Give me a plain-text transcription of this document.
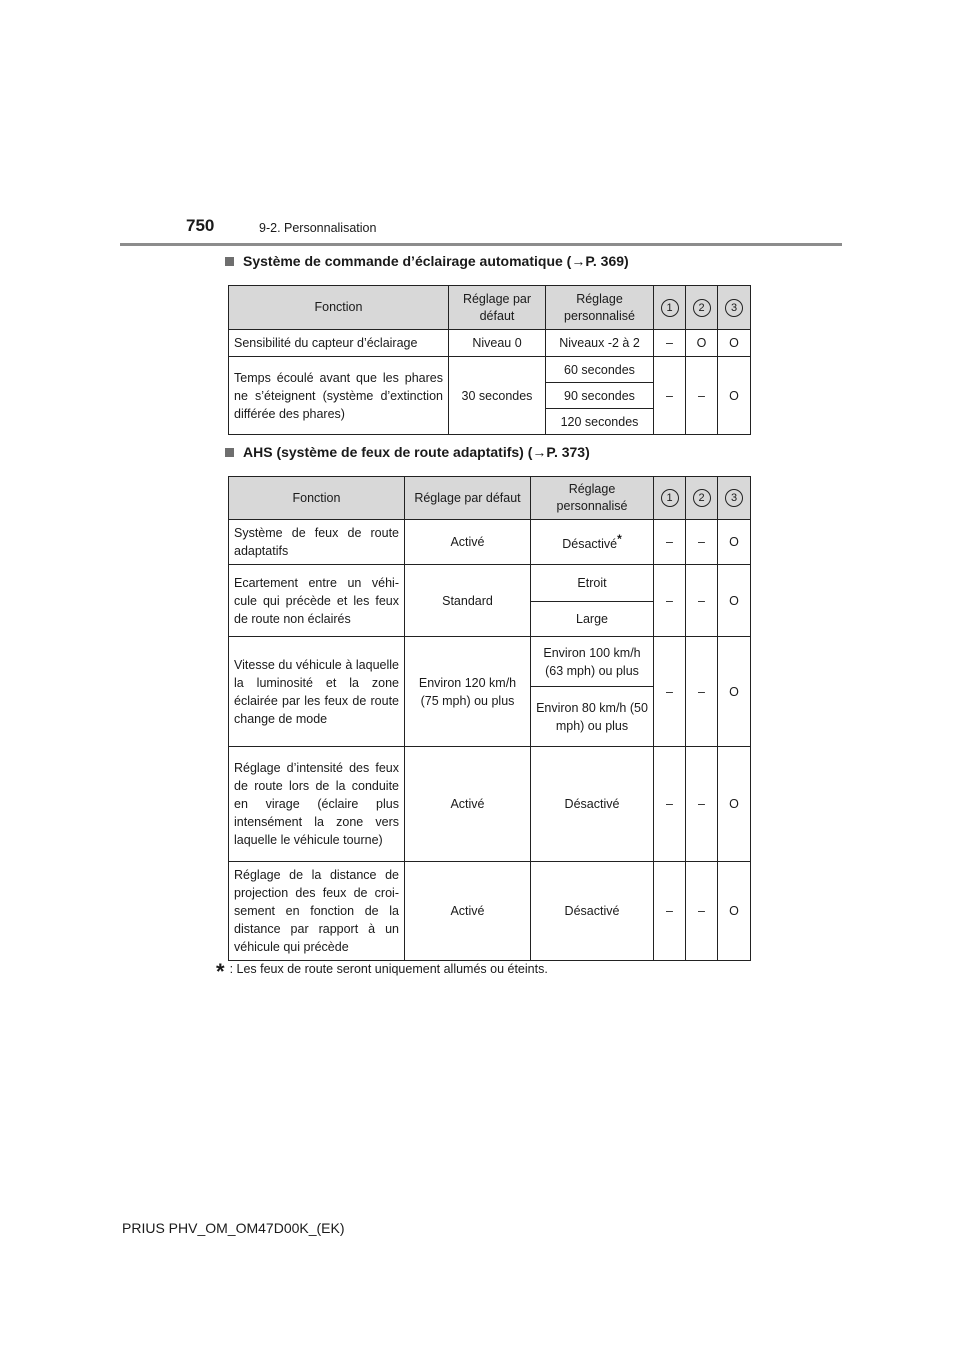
750	9-2. Personnalisation
Système de commande d’éclairage automatique ( →P. 369)
Fonction	Réglage par défaut	Réglage personnalisé	1	2	3
Sensibilité du capteur d’éclairage	Niveau 0	Niveaux -2 à 2	–	O	O
Temps écoulé avant que les phares ne s’éteignent (système d’extinction différée des phares)	30 secondes	60 secondes	–	–	O
		90 secondes			
		120 secondes			
AHS (système de feux de route adaptatifs) ( →P. 373)
Fonction	Réglage par défaut	Réglage personnalisé	1	2	3
Système de feux de route adaptatifs	Activé	Désactivé*	–	–	O
Ecartement entre un véhi-cule qui précède et les feux de route non éclairés	Standard	Etroit	–	–	O
		Large			
Vitesse du véhicule à laquelle la luminosité et la zone éclairée par les feux de route change de mode	Environ 120 km/h (75 mph) ou plus	Environ 100 km/h (63 mph) ou plus	–	–	O
		Environ 80 km/h (50 mph) ou plus			
Réglage d’intensité des feux de route lors de la conduite en virage (éclaire plus intensément la zone vers laquelle le véhicule tourne)	Activé	Désactivé	–	–	O
Réglage de la distance de projection des feux de croi-sement en fonction de la distance par rapport à un véhicule qui précède	Activé	Désactivé	–	–	O
* : Les feux de route seront uniquement allumés ou éteints.
PRIUS PHV_OM_OM47D00K_(EK)
